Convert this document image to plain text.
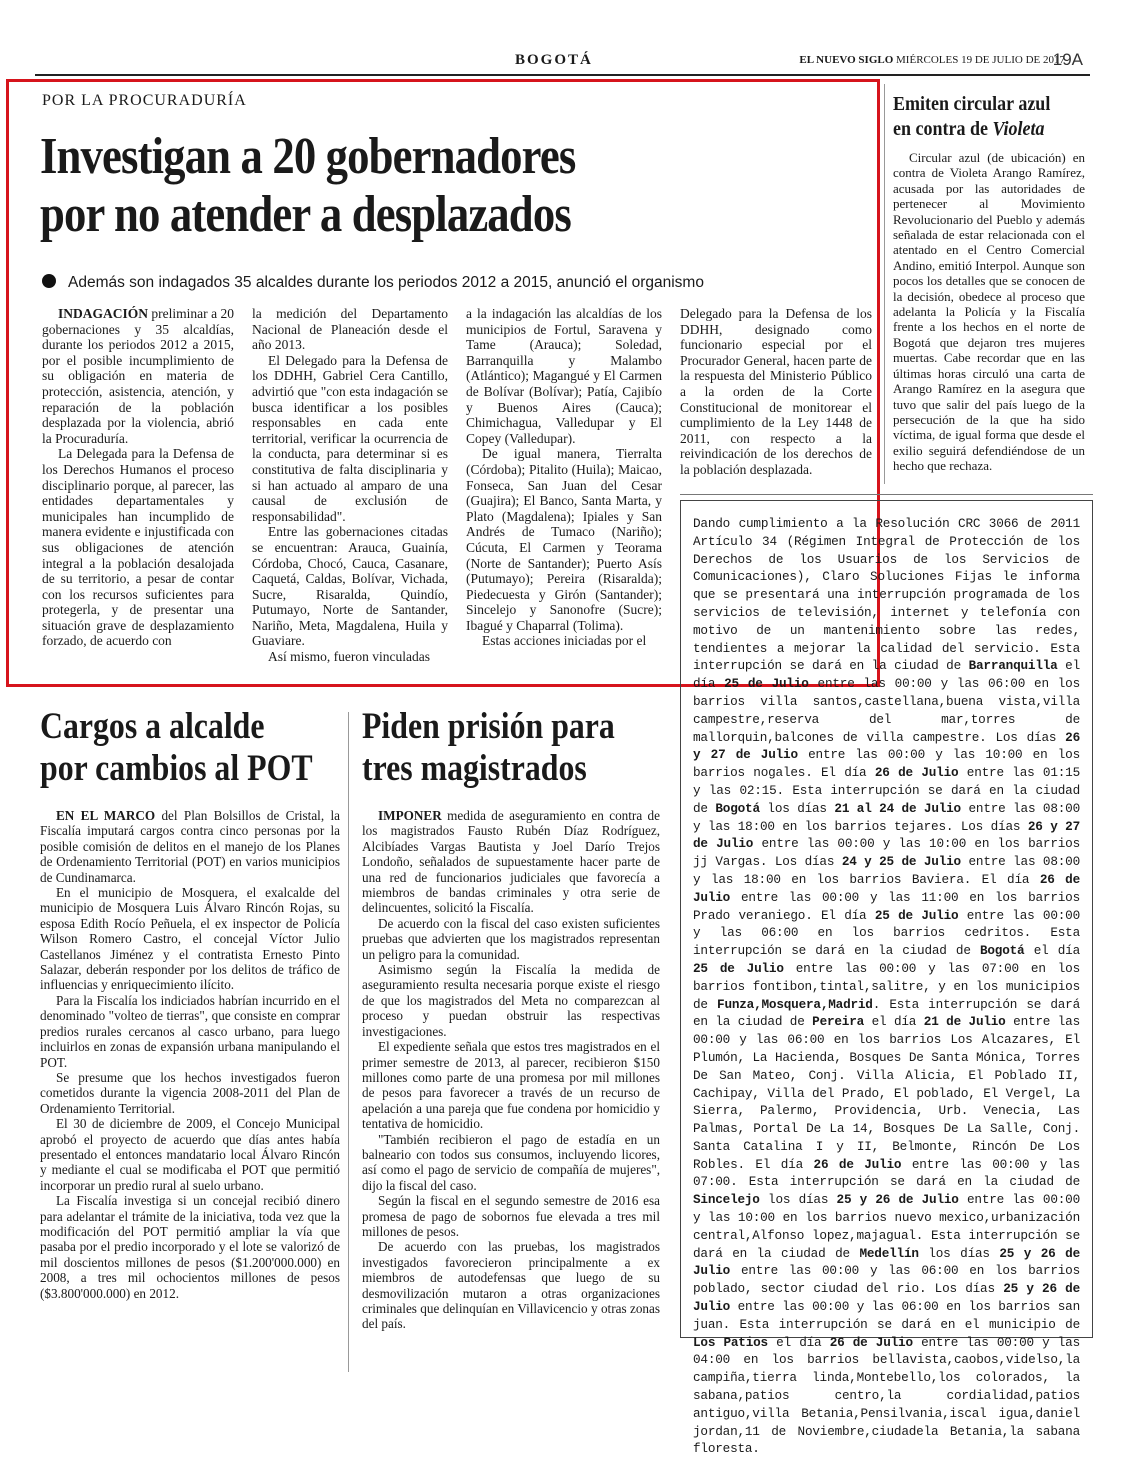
BOGOTÁ	EL NUEVO SIGLO MIÉRCOLES 19 DE JULIO DE 2017
19A
POR LA PROCURADURÍA
Investigan a 20 gobernadores
por no atender a desplazados
Además son indagados 35 alcaldes durante los periodos 2012 a 2015, anunció el organismo

INDAGACIÓN preliminar a 20 gobernaciones y 35 alcaldías, durante los periodos 2012 a 2015, por el posible incumplimiento de su obligación en materia de protección, asistencia, atención, y reparación de la población desplazada por la violencia, abrió la Procuraduría.

La Delegada para la Defensa de los Derechos Humanos el proceso disciplinario porque, al parecer, las entidades departamentales y municipales han incumplido de manera evidente e injustificada con sus obligaciones de atención integral a la población desalojada de su territorio, a pesar de contar con los recursos suficientes para protegerla, y de presentar una situación grave de desplazamiento forzado, de acuerdo con

la medición del Departamento Nacional de Planeación desde el año 2013.

El Delegado para la Defensa de los DDHH, Gabriel Cera Cantillo, advirtió que "con esta indagación se busca identificar a los posibles responsables en cada ente territorial, verificar la ocurrencia de la conducta, para determinar si es constitutiva de falta disciplinaria y si han actuado al amparo de una causal de exclusión de responsabilidad".

Entre las gobernaciones citadas se encuentran: Arauca, Guainía, Córdoba, Chocó, Cauca, Casanare, Caquetá, Caldas, Bolívar, Vichada, Sucre, Risaralda, Quindío, Putumayo, Norte de Santander, Nariño, Meta, Magdalena, Huila y Guaviare.

Así mismo, fueron vinculadas

a la indagación las alcaldías de los municipios de Fortul, Saravena y Tame (Arauca); Soledad, Barranquilla y Malambo (Atlántico); Magangué y El Carmen de Bolívar (Bolívar); Patía, Cajibío y Buenos Aires (Cauca); Chimichagua, Valledupar y El Copey (Valledupar).

De igual manera, Tierraltа (Córdoba); Pitalito (Huila); Maicao, Fonseca, San Juan del Cesar (Guajira); El Banco, Santa Marta, y Plato (Magdalena); Ipiales y San Andrés de Tumaco (Nariño); Cúcuta, El Carmen y Teorama (Norte de Santander); Puerto Asís (Putumayo); Pereira (Risaralda); Piedecuesta y Girón (Santander); Sincelejo y Sanonofre (Sucre); Ibagué y Chaparral (Tolima).

Estas acciones iniciadas por el

Delegado para la Defensa de los DDHH, designado como funcionario especial por el Procurador General, hacen parte de la respuesta del Ministerio Público a la orden de la Corte Constitucional de monitorear el cumplimiento de la Ley 1448 de 2011, con respecto a la reivindicación de los derechos de la población desplazada.

Emiten circular azul
en contra de Violeta

Circular azul (de ubicación) en contra de Violeta Arango Ramírez, acusada por las autoridades de pertenecer al Movimiento Revolucionario del Pueblo y además señalada de estar relacionada con el atentado en el Centro Comercial Andino, emitió Interpol. Aunque son pocos los detalles que se conocen de la decisión, obedece al proceso que adelanta la Policía y la Fiscalía frente a los hechos en el norte de Bogotá que dejaron tres mujeres muertas. Cabe recordar que en las últimas horas circuló una carta de Arango Ramírez en la asegura que tuvo que salir del país luego de la persecución de la que ha sido víctima, de igual forma que desde el exilio seguirá defendiéndose de un hecho que rechaza.

Dando cumplimiento a la Resolución CRC 3066 de 2011 Artículo 34 (Régimen Integral de Protección de los Derechos de los Usuarios de los Servicios de Comunicaciones), Claro Soluciones Fijas le informa que se presentará una interrupción programada de los servicios de televisión, internet y telefonía con motivo de un mantenimiento sobre las redes, tendientes a mejorar la calidad del servicio. Esta interrupción se dará en la ciudad de Barranquilla el día 25 de Julio entre las 00:00 y las 06:00 en los barrios villa santos,castellana,buena vista,villa campestre,reserva del mar,torres de mallorquin,balcones de villa campestre. Los días 26 y 27 de Julio entre las 00:00 y las 10:00 en los barrios nogales. El día 26 de Julio entre las 01:15 y las 02:15. Esta interrupción se dará en la ciudad de Bogotá los días 21 al 24 de Julio entre las 08:00 y las 18:00 en los barrios tejares. Los días 26 y 27 de Julio entre las 00:00 y las 10:00 en los barrios jj Vargas. Los días 24 y 25 de Julio entre las 08:00 y las 18:00 en los barrios Baviera. El día 26 de Julio entre las 00:00 y las 11:00 en los barrios Prado veraniego. El día 25 de Julio entre las 00:00 y las 06:00 en los barrios cedritos. Esta interrupción se dará en la ciudad de Bogotá el día 25 de Julio entre las 00:00 y las 07:00 en los barrios fontibon,tintal,salitre, y en los municipios de Funza,Mosquera,Madrid. Esta interrupción se dará en la ciudad de Pereira el día 21 de Julio entre las 00:00 y las 06:00 en los barrios Los Alcazares, El Plumón, La Hacienda, Bosques De Santa Mónica, Torres De San Mateo, Conj. Villa Alicia, El Poblado II, Cachipay, Villa del Prado, El poblado, El Vergel, La Sierra, Palermo, Providencia, Urb. Venecia, Las Palmas, Portal De La 14, Bosques De La Salle, Conj. Santa Catalina I y II, Belmonte, Rincón De Los Robles. El día 26 de Julio entre las 00:00 y las 07:00. Esta interrupción se dará en la ciudad de Sincelejo los días 25 y 26 de Julio entre las 00:00 y las 10:00 en los barrios nuevo mexico,urbanización central,Alfonso lopez,majagual. Esta interrupción se dará en la ciudad de Medellín los días 25 y 26 de Julio entre las 00:00 y las 06:00 en los barrios poblado, sector ciudad del rio. Los días 25 y 26 de Julio entre las 00:00 y las 06:00 en los barrios san juan. Esta interrupción se dará en el municipio de Los Patios el día 26 de Julio entre las 00:00 y las 04:00 en los barrios bellavista,caobos,videlso,la campiña,tierra linda,Montebello,los colorados, la sabana,patios centro,la cordialidad,patios antiguo,villa Betania,Pensilvania,iscal igua,daniel jordan,11 de Noviembre,ciudadela Betania,la sabana floresta.
Cargos a alcalde
por cambios al POT

EN EL MARCO del Plan Bolsillos de Cristal, la Fiscalía imputará cargos contra cinco personas por la posible comisión de delitos en el manejo de los Planes de Ordenamiento Territorial (POT) en varios municipios de Cundinamarca.

En el municipio de Mosquera, el exalcalde del municipio de Mosquera Luis Álvaro Rincón Rojas, su esposa Edith Rocío Peñuela, el ex inspector de Policía Wilson Romero Castro, el concejal Víctor Julio Castellanos Jiménez y el contratista Ernesto Pinto Salazar, deberán responder por los delitos de tráfico de influencias y enriquecimiento ilícito.

Para la Fiscalía los indiciados habrían incurrido en el denominado "volteo de tierras", que consiste en comprar predios rurales cercanos al casco urbano, para luego incluirlos en zonas de expansión urbana manipulando el POT.

Se presume que los hechos investigados fueron cometidos durante la vigencia 2008-2011 del Plan de Ordenamiento Territorial.

El 30 de diciembre de 2009, el Concejo Municipal aprobó el proyecto de acuerdo que días antes había presentado el entonces mandatario local Álvaro Rincón y mediante el cual se modificaba el POT que permitió incorporar un predio rural al suelo urbano.

La Fiscalía investiga si un concejal recibió dinero para adelantar el trámite de la iniciativa, toda vez que la modificación del POT permitió ampliar la vía que pasaba por el predio incorporado y el lote se valorizó de mil doscientos millones de pesos ($1.200'000.000) en 2008, a tres mil ochocientos millones de pesos ($3.800'000.000) en 2012.

Piden prisión para
tres magistrados

IMPONER medida de aseguramiento en contra de los magistrados Fausto Rubén Díaz Rodríguez, Alcibíades Vargas Bautista y Joel Darío Trejos Londoño, señalados de supuestamente hacer parte de una red de funcionarios judiciales que favorecía a miembros de bandas criminales y otra serie de delincuentes, solicitó la Fiscalía.

De acuerdo con la fiscal del caso existen suficientes pruebas que advierten que los magistrados representan un peligro para la comunidad.

Asimismo según la Fiscalía la medida de aseguramiento resulta necesaria porque existe el riesgo de que los magistrados del Meta no comparezcan al proceso y puedan obstruir las respectivas investigaciones.

El expediente señala que estos tres magistrados en el primer semestre de 2013, al parecer, recibieron $150 millones como parte de una promesa por mil millones de pesos para favorecer a través de un recurso de apelación a una pareja que fue condena por homicidio y tentativa de homicidio.

"También recibieron el pago de estadía en un balneario con todos sus consumos, incluyendo licores, así como el pago de servicio de compañía de mujeres", dijo la fiscal del caso.

Según la fiscal en el segundo semestre de 2016 esa promesa de pago de sobornos fue elevada a tres mil millones de pesos.

De acuerdo con las pruebas, los magistrados investigados favorecieron principalmente a ex miembros de autodefensas que luego de su desmovilización mutaron a otras organizaciones criminales que delinquían en Villavicencio y otras zonas del país.
